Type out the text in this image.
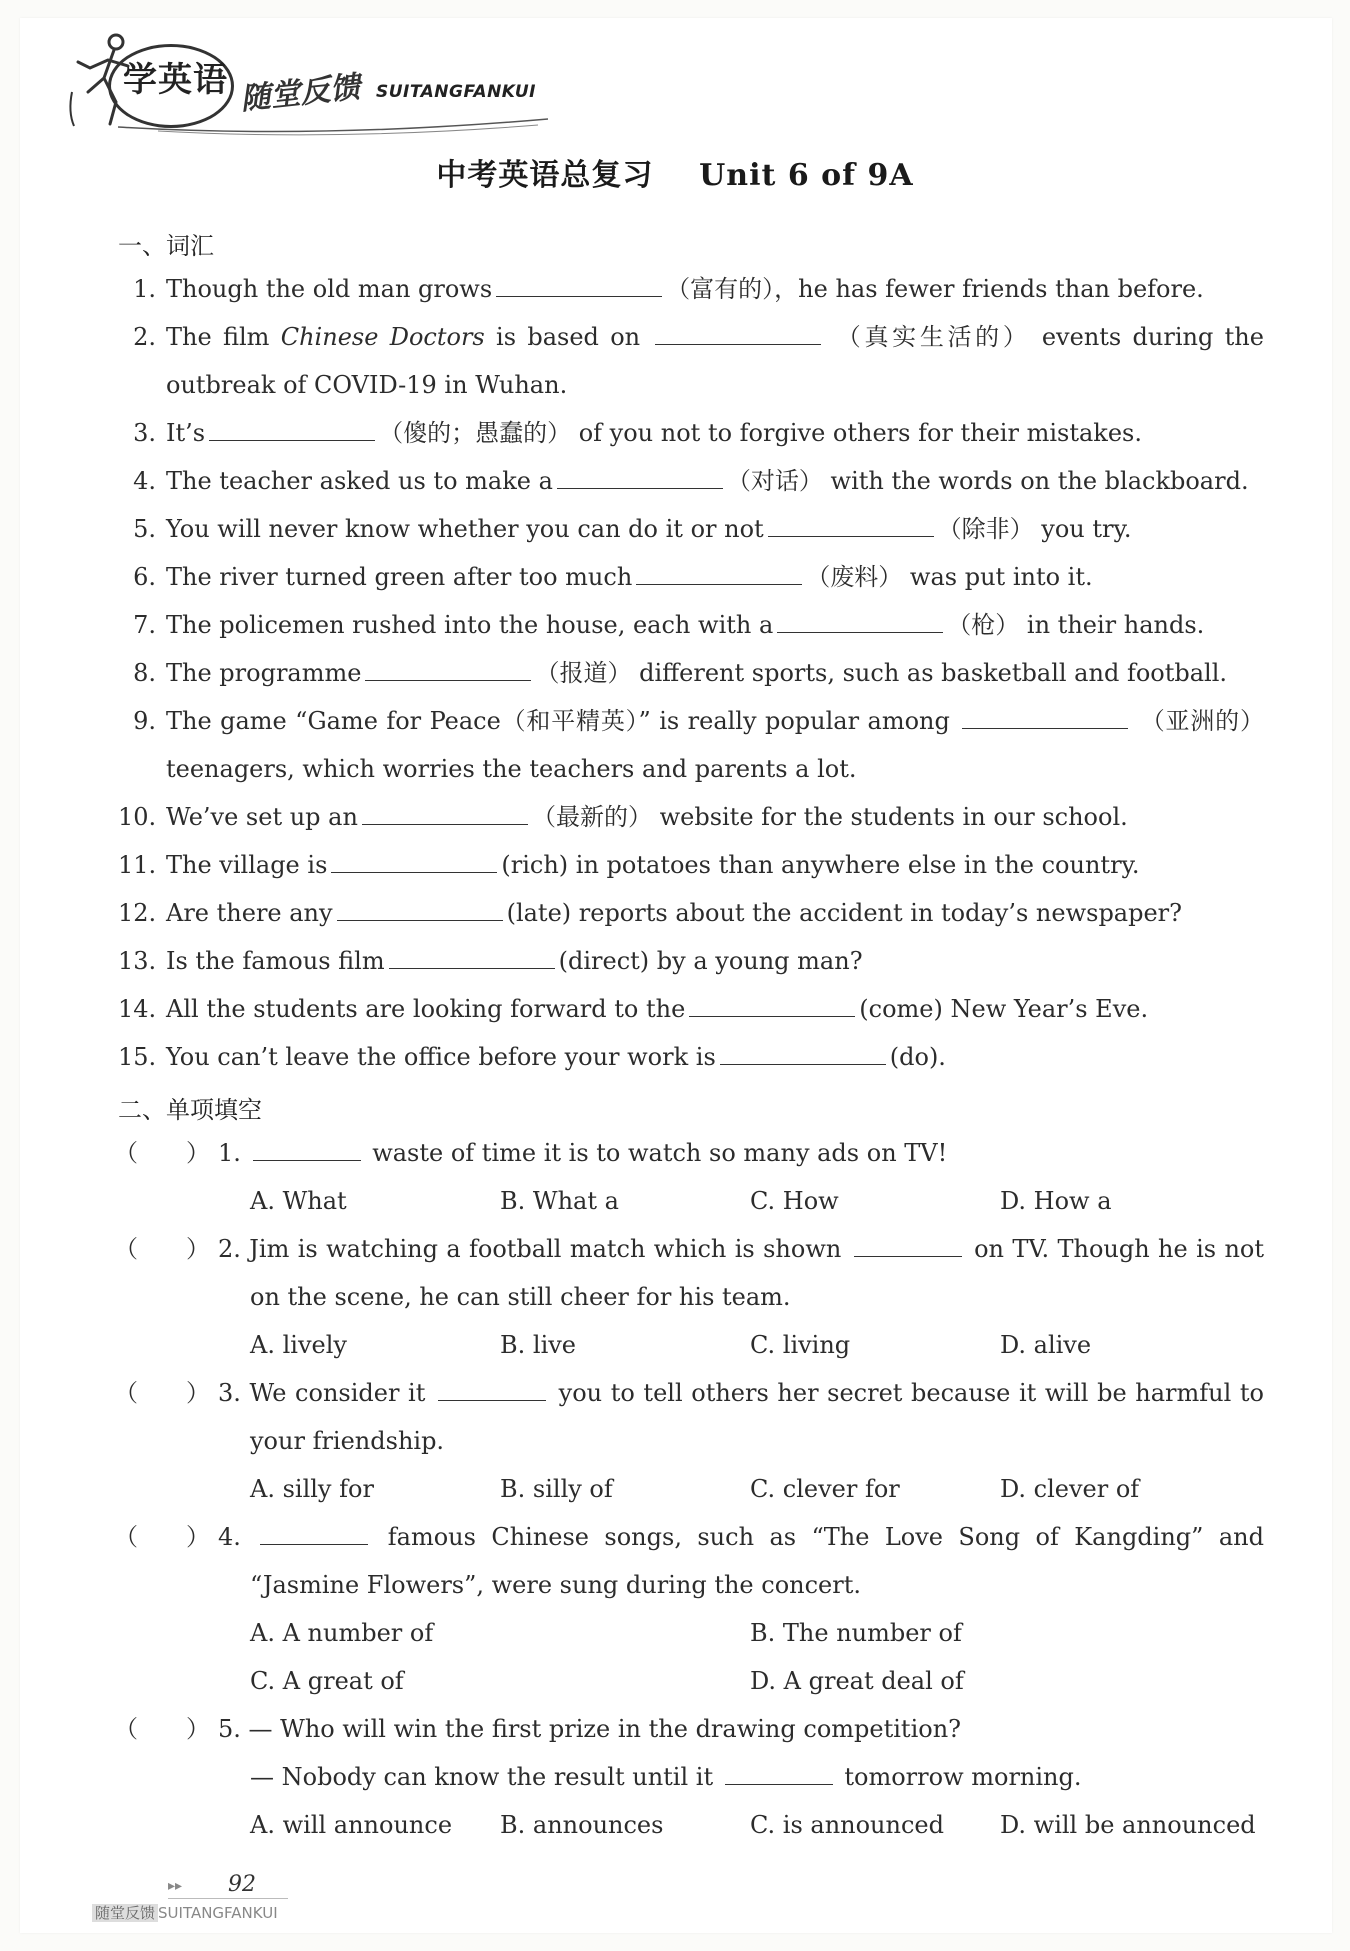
学英语 随堂反馈 SUITANGFANKUI
中考英语总复习 Unit 6 of 9A
一、词汇
1. Though the old man grows	（富有的），he has fewer friends than before.
2. The film Chinese Doctors is based on	（真实生活的） events during the
outbreak of COVID-19 in Wuhan.
3. It’s	（傻的；愚蠢的） of you not to forgive others for their mistakes.
4. The teacher asked us to make a	（对话） with the words on the blackboard.
5. You will never know whether you can do it or not	（除非） you try.
6. The river turned green after too much	（废料） was put into it.
7. The policemen rushed into the house, each with a	（枪） in their hands.
8. The programme	（报道） different sports, such as basketball and football.
9. The game “Game for Peace（和平精英）” is really popular among	（亚洲的）
teenagers, which worries the teachers and parents a lot.
10. We’ve set up an	（最新的） website for the students in our school.
11. The village is	(rich) in potatoes than anywhere else in the country.
12. Are there any	(late) reports about the accident in today’s newspaper?
13. Is the famous film	(direct) by a young man?
14. All the students are looking forward to the	(come) New Year’s Eve.
15. You can’t leave the office before your work is	(do).
二、单项填空
（　　） 1.	waste of time it is to watch so many ads on TV!
A. What	B. What a	C. How	D. How a
（　　） 2. Jim is watching a football match which is shown	on TV. Though he is not
on the scene, he can still cheer for his team.
A. lively	B. live	C. living	D. alive
（　　） 3. We consider it	you to tell others her secret because it will be harmful to
your friendship.
A. silly for	B. silly of	C. clever for	D. clever of
（　　） 4.	famous Chinese songs, such as “The Love Song of Kangding” and
“Jasmine Flowers”, were sung during the concert.
A. A number of	B. The number of
C. A great of	D. A great deal of
（　　） 5. — Who will win the first prize in the drawing competition?
— Nobody can know the result until it	tomorrow morning.
A. will announce B. announces	C. is announced D. will be announced
▸▸ 92
随堂反馈 SUITANGFANKUI
